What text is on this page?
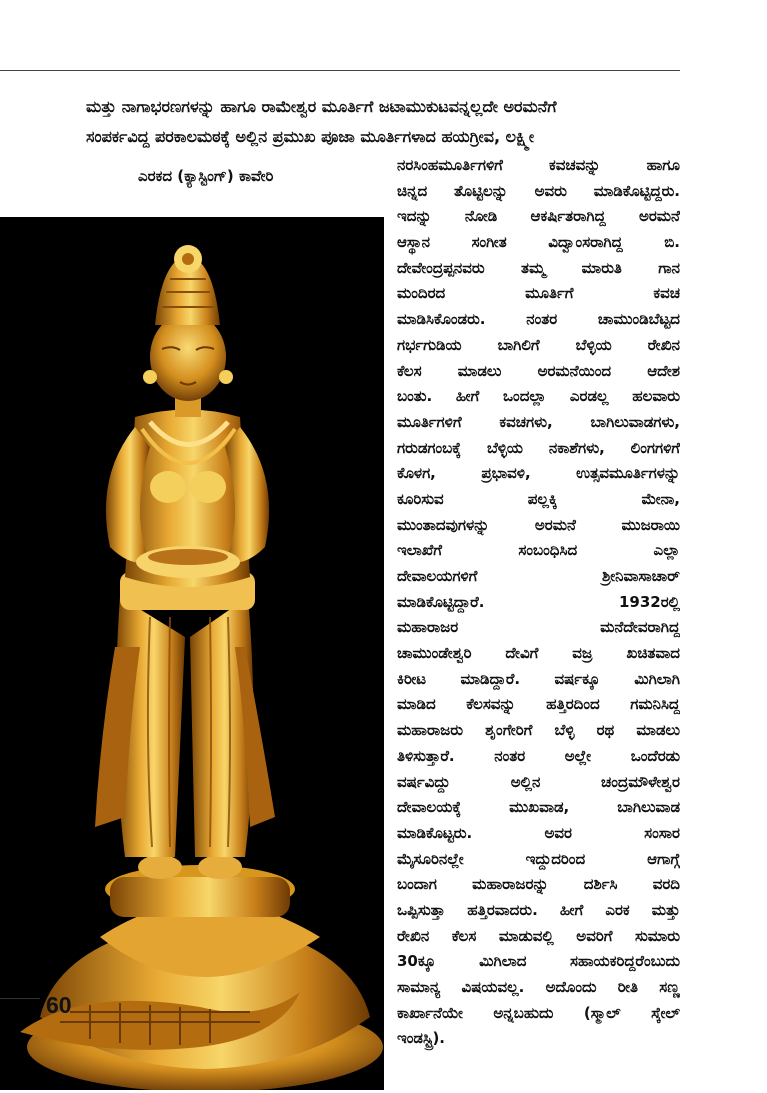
ಮತ್ತು ನಾಗಾಭರಣಗಳನ್ನು ಹಾಗೂ ರಾಮೇಶ್ವರ ಮೂರ್ತಿಗೆ ಜಟಾಮುಕುಟವನ್ನಲ್ಲದೇ ಅರಮನೆಗೆ

ಸಂಪರ್ಕವಿದ್ದ ಪರಕಾಲಮಠಕ್ಕೆ ಅಲ್ಲಿನ ಪ್ರಮುಖ ಪೂಜಾ ಮೂರ್ತಿಗಳಾದ ಹಯಗ್ರೀವ, ಲಕ್ಷ್ಮೀ

ಎರಕದ (ಕ್ಯಾಸ್ಟಿಂಗ್) ಕಾವೇರಿ
ನರಸಿಂಹಮೂರ್ತಿಗಳಿಗೆ ಕವಚವನ್ನು ಹಾಗೂ
ಚಿನ್ನದ ತೊಟ್ಟಿಲನ್ನು ಅವರು ಮಾಡಿಕೊಟ್ಟಿದ್ದರು.
ಇದನ್ನು ನೋಡಿ ಆಕರ್ಷಿತರಾಗಿದ್ದ ಅರಮನೆ
ಆಸ್ಥಾನ ಸಂಗೀತ ವಿದ್ವಾಂಸರಾಗಿದ್ದ ಬಿ.
ದೇವೇಂದ್ರಪ್ಪನವರು ತಮ್ಮ ಮಾರುತಿ ಗಾನ
ಮಂದಿರದ ಮೂರ್ತಿಗೆ ಕವಚ
ಮಾಡಿಸಿಕೊಂಡರು. ನಂತರ ಚಾಮುಂಡಿಬೆಟ್ಟದ
ಗರ್ಭಗುಡಿಯ ಬಾಗಿಲಿಗೆ ಬೆಳ್ಳಿಯ ರೇಖಿನ
ಕೆಲಸ ಮಾಡಲು ಅರಮನೆಯಿಂದ ಆದೇಶ
ಬಂತು. ಹೀಗೆ ಒಂದಲ್ಲಾ ಎರಡಲ್ಲ ಹಲವಾರು
ಮೂರ್ತಿಗಳಿಗೆ ಕವಚಗಳು, ಬಾಗಿಲುವಾಡಗಳು,
ಗರುಡಗಂಬಕ್ಕೆ ಬೆಳ್ಳಿಯ ನಕಾಶೆಗಳು, ಲಿಂಗಗಳಿಗೆ
ಕೊಳಗ, ಪ್ರಭಾವಳಿ, ಉತ್ಸವಮೂರ್ತಿಗಳನ್ನು
ಕೂರಿಸುವ ಪಲ್ಲಕ್ಕಿ ಮೇನಾ,
ಮುಂತಾದವುಗಳನ್ನು ಅರಮನೆ ಮುಜರಾಯಿ
ಇಲಾಖೆಗೆ ಸಂಬಂಧಿಸಿದ ಎಲ್ಲಾ
ದೇವಾಲಯಗಳಿಗೆ ಶ್ರೀನಿವಾಸಾಚಾರ್
ಮಾಡಿಕೊಟ್ಟಿದ್ದಾರೆ. 1932ರಲ್ಲಿ
ಮಹಾರಾಜರ ಮನೆದೇವರಾಗಿದ್ದ
ಚಾಮುಂಡೇಶ್ವರಿ ದೇವಿಗೆ ವಜ್ರ ಖಚಿತವಾದ
ಕಿರೀಟ ಮಾಡಿದ್ದಾರೆ. ವರ್ಷಕ್ಕೂ ಮಿಗಿಲಾಗಿ
ಮಾಡಿದ ಕೆಲಸವನ್ನು ಹತ್ತಿರದಿಂದ ಗಮನಿಸಿದ್ದ
ಮಹಾರಾಜರು ಶೃಂಗೇರಿಗೆ ಬೆಳ್ಳಿ ರಥ ಮಾಡಲು
ತಿಳಿಸುತ್ತಾರೆ. ನಂತರ ಅಲ್ಲೇ ಒಂದೆರಡು
ವರ್ಷವಿದ್ದು ಅಲ್ಲಿನ ಚಂದ್ರಮೌಳೇಶ್ವರ
ದೇವಾಲಯಕ್ಕೆ ಮುಖವಾಡ, ಬಾಗಿಲುವಾಡ
ಮಾಡಿಕೊಟ್ಟರು. ಅವರ ಸಂಸಾರ
ಮೈಸೂರಿನಲ್ಲೇ ಇದ್ದುದರಿಂದ ಆಗಾಗ್ಗೆ
ಬಂದಾಗ ಮಹಾರಾಜರನ್ನು ದರ್ಶಿಸಿ ವರದಿ
ಒಪ್ಪಿಸುತ್ತಾ ಹತ್ತಿರವಾದರು. ಹೀಗೆ ಎರಕ ಮತ್ತು
ರೇಖಿನ ಕೆಲಸ ಮಾಡುವಲ್ಲಿ ಅವರಿಗೆ ಸುಮಾರು
30ಕ್ಕೂ ಮಿಗಿಲಾದ ಸಹಾಯಕರಿದ್ದರೆಂಬುದು
ಸಾಮಾನ್ಯ ವಿಷಯವಲ್ಲ. ಅದೊಂದು ರೀತಿ ಸಣ್ಣ
ಕಾರ್ಖಾನೆಯೇ ಅನ್ನಬಹುದು (ಸ್ಮಾಲ್ ಸ್ಕೇಲ್
ಇಂಡಸ್ಟ್ರಿ).
60
